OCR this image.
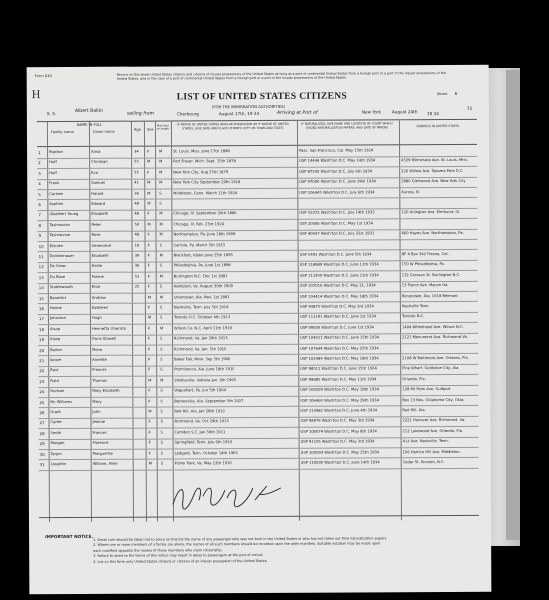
H
Form 630	Record on this sheet United States citizens and citizens of insular possessions of the United States arriving at a port of continental United States from a foreign port or a port in the insular possessions of the United States, and in the case of a port of continental United States from a foreign port or a port in the insular possessions of the United States.
Sheet 6
72
LIST OF UNITED STATES CITIZENS
(FOR THE IMMIGRATION AUTHORITIES)
S. S.	Albert Ballin
sailing from	Cherbourg	August 17th, 19 34	Arriving at Port of	New York	August 24th 19 34
NAME IN FULL
Family name	Given name
Age Sex
Mar-ried or single
IF NATIVE OF UNITED STATES INSULAR POSSESSION OR IF NATIVE OF UNITED STATES, GIVE DATE AND PLACE OF BIRTH (CITY OR TOWN AND STATE)
IF NATURALIZED, GIVE NAME AND LOCATION OF COURT WHICH ISSUED NATURALIZATION PAPERS, AND DATE OF PAPERS	ADDRESS IN UNITED STATES
1 Bratton	Anna	34 F	M	St. Louis, Miss. June 17th 1898	Pass. San Francisco, Cal. May 15th 1924
2 Huff	Christian	55 M M	Fort Fraser, Mich. Sept. 15th 1878	USP 14446 Wash'ton D.C. May 14th 1934	4329 Minnesota Ave. St. Louis, Miss.
3 Huff	Eva	55 F	M	New York City, Aug 25th 1879	USP 87330 Wash'ton D.C. July 6th 1934	226 Willow Ave. Takoma Park D.C.
4 Frank	Samuel	41 M M	New York City September 20th 1918	USP 97000 Wash'ton D.C. June 29th 1934	2880 Glenwood Ave. New York City
5 Carlsen	Harold	36 M S	Middleton, Conn. March 11th 1924	USP 106445 Wash'ton D.C. July 6th 1934	Aurora, Ill.
6 Koehler	Edward	48 M S
7 (Koehler) Young	Elizabeth	48 F	M	Chicago, Ill. September 20th 1886	USP 51072 Wash'ton D.C. July 14th 1933	120 Arlington Ave. Elmhurst, Ill.
8 Tashnovian	Peter	50 M M	Chicago, Ill. Feb. 23rd 1924	USP 20006 Wash'ton D.C. May 1st 1934
9 Tashnovian	Rose	49 F	M	Northampton, Pa. June 18th 1909	USP 40047 Wash'ton D.C. July 31st 1931	460 Hayes Ave. Northampton, Pa.
10 Eriksen	Genevieve	19 F	S	Carlisle, Pa. March 5th 1915
11 Dolinkenauer	Elizabeth	39 F	M	Blackfoot, Idaho June 25th 1895	USP 5491 Wash'ton D.C. June 5th 1934	RF 4 Box 342 Fresno, Cal.
12 De Graw	Hallie	36 F	S	Philadelphia, Pa. June 1st 1898	USP 118989 Wash'ton D.C. June 11th 1934	150 W Philadelphia, Pa.
13 Du Bose	Fannie	52 F	M	Burlington N.C. Dec 1st 1881	USP 111450 Wash'ton D.C. June 11th 1934	132 Grosson St. Burlington N.C.
14 Stablewauth	Elsie	25 F	S	Hampton, Va. August 30th 1909	USP 107016 Wash'ton D.C. May 21, 1934	13 Pierce Ave. Macon Ga.
15 Benedict	Andrew	M M	Uniontown, Ala. Nov. 1st 1881	USP 104414 Wash'ton D.C. May 18th 1934	Ronondale, Ala. 1018 Belmont
16 Holme	Kathleen	F	S	Nashville, Tenn. July 5th 1914	USP 93875 Wash'ton D.C. May 3rd 1934	Nashville Tenn.
17 Johnston	Hugh	M S	Toronto O.C. October 4th 1913	USP 111191 Wash'ton D.C. June 1st 1934	Toronto N.C.
18 Alsop	Henrietta (Gierish)	F	M	Wilson Co. N.C. April 11th 1919	USP 99000 Wash'ton D.C. June 1st 1934	1404 Whitehead Ave. Wilson N.C.
19 Alsop	Doris Stowell	F	S	Richmond, Va. Jan 29th 1913	USP 104011 Wash'ton D.C. June 15th 1934	2121 Monument Ave. Richmond Va.
20 Barker	Mona	F	S	Richmond, Va. Jan. 5th 1910	USP 107644 Wash'ton D.C. May 25th 1934
21 Keiser	Annette	F	S	Baker Fall, Minn. Sep 5th 1906	USP 102484 Wash'ton D.C. May 18th 1934	2108 W Baltimore Ave. Orleans, Fla.
22 Rast	Frances	F	S	Prominence, Ala. June 18th 1910	USP 98511 Wash'ton D.C. June 15th 1934	Pine Wharf, Goldshoe City, Ala.
23 Field	Thomas	M M	Shelbyville, Indiana Jan. 9th 1905	USP 99885 Wash'ton D.C. May 11th 1934	Orlando, Fla.
24 Hudson	Mary Elizabeth	F	S	Vaguahart, Pa. Jun 5th 1904	USP 100209 Wash'ton D.C. May 18th 1934	128 Mt Palm Ave. Gulfport
25 Mc Williams	Mary	F	S	Barnesville, Ala. September 5th 1927	USP 106460 Wash'ton D.C. May 29th 1934	Box 13 Nos. Oklahoma City, Okla.
26 Grant	John	M S	Red Hill, Ala. Jan 28th 1910	USP 113482 Wash'ton D.C. June 4th 1934	Red Hill, Ala.
27 Carter	Jeanne	F	S	Richmond, Va. Oct 29th 1913	USP 98979 Wash'ton D.C. May 3rd 1934	2221 Hanover Ave. Richmond, Va.
28 Smith	Frances	F	S	Camden S.C. Jan 30th 1911	USP 100074 Wash'ton D.C. May 8th 1934	212 Lakewood Ave. Orlando, Fla.
29 Morgan	Florence	F	S	Springfield, Tenn. July 6th 1910	USP 91105 Wash'ton D.C. May 3rd 1934	4 Lt Ave. Nashville, Tenn.
30 Tarpin	Marguerite	F	S	Ledgard, Tenn. October 14th 1905	USP 100093 Wash'ton D.C. May 25th 1934	106 Hartico Hill Ave. Middleton
31 Loughlin	William, Allen	M S	Fisher Park, Va. May 12th 1910	USP 110000 Wash'ton D.C. June 14th 1934	Cedar St. Kinston, N.C.
IMPORTANT NOTICE. 1. Great care should be taken not to place on this list the name of any passenger who was not born in the United States or who has not taken out final naturalization papers.
2. Where one or more members of a family are aliens, the names of all such members should be recorded upon the alien manifest. Suitable notation may be made upon
each manifest opposite the names of those members who claim citizenship.
3. Failure to observe the terms of this notice may result in delay to passengers at the port of arrival.
4. List on this form only United States citizens or citizens of an insular possession of the United States.
